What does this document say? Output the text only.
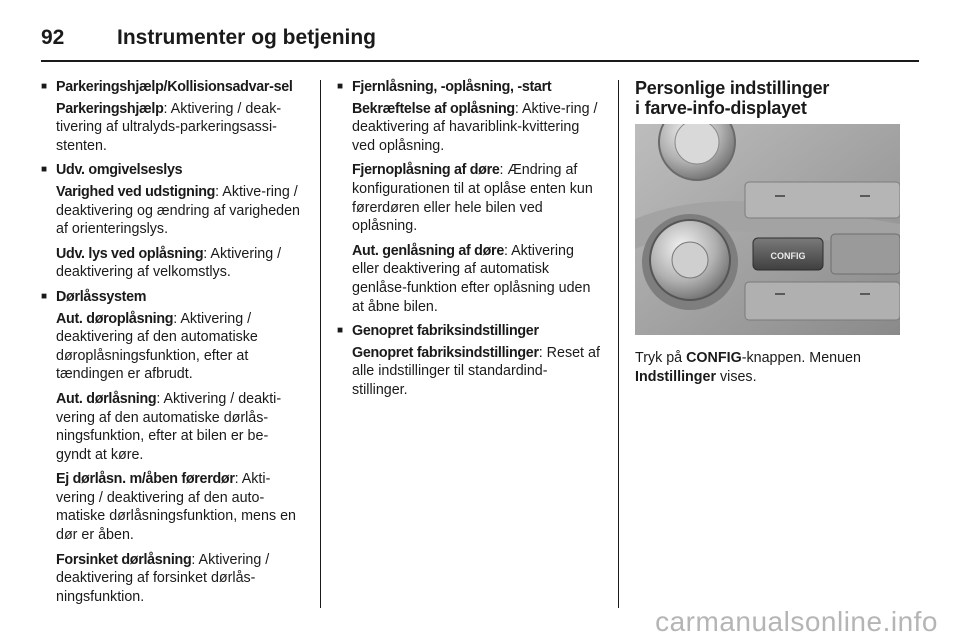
92	Instrumenter og betjening
■ Parkeringshjælp/Kollisionsadvar-sel
Parkeringshjælp: Aktivering / deak-tivering af ultralyds-parkeringsassi-stenten.
■ Udv. omgivelseslys
Varighed ved udstigning: Aktive-ring / deaktivering og ændring af varigheden af orienteringslys.
Udv. lys ved oplåsning: Aktivering / deaktivering af velkomstlys.
■ Dørlåssystem
Aut. døroplåsning: Aktivering / deaktivering af den automatiske døroplåsningsfunktion, efter at tændingen er afbrudt.
Aut. dørlåsning: Aktivering / deakti-vering af den automatiske dørlås-ningsfunktion, efter at bilen er be-gyndt at køre.
Ej dørlåsn. m/åben førerdør: Akti-vering / deaktivering af den auto-matiske dørlåsningsfunktion, mens en dør er åben.
Forsinket dørlåsning: Aktivering / deaktivering af forsinket dørlås-ningsfunktion.
■ Fjernlåsning, -oplåsning, -start
Bekræftelse af oplåsning: Aktive-ring / deaktivering af havariblink-kvittering ved oplåsning.
Fjernoplåsning af døre: Ændring af konfigurationen til at oplåse enten kun førerdøren eller hele bilen ved oplåsning.
Aut. genlåsning af døre: Aktivering eller deaktivering af automatisk genlåse-funktion efter oplåsning uden at åbne bilen.
■ Genopret fabriksindstillinger
Genopret fabriksindstillinger: Reset af alle indstillinger til standardind-stillinger.
Personlige indstillinger
i farve-info-displayet
CONFIG
Tryk på CONFIG-knappen. Menuen Indstillinger vises.
carmanualsonline.info
